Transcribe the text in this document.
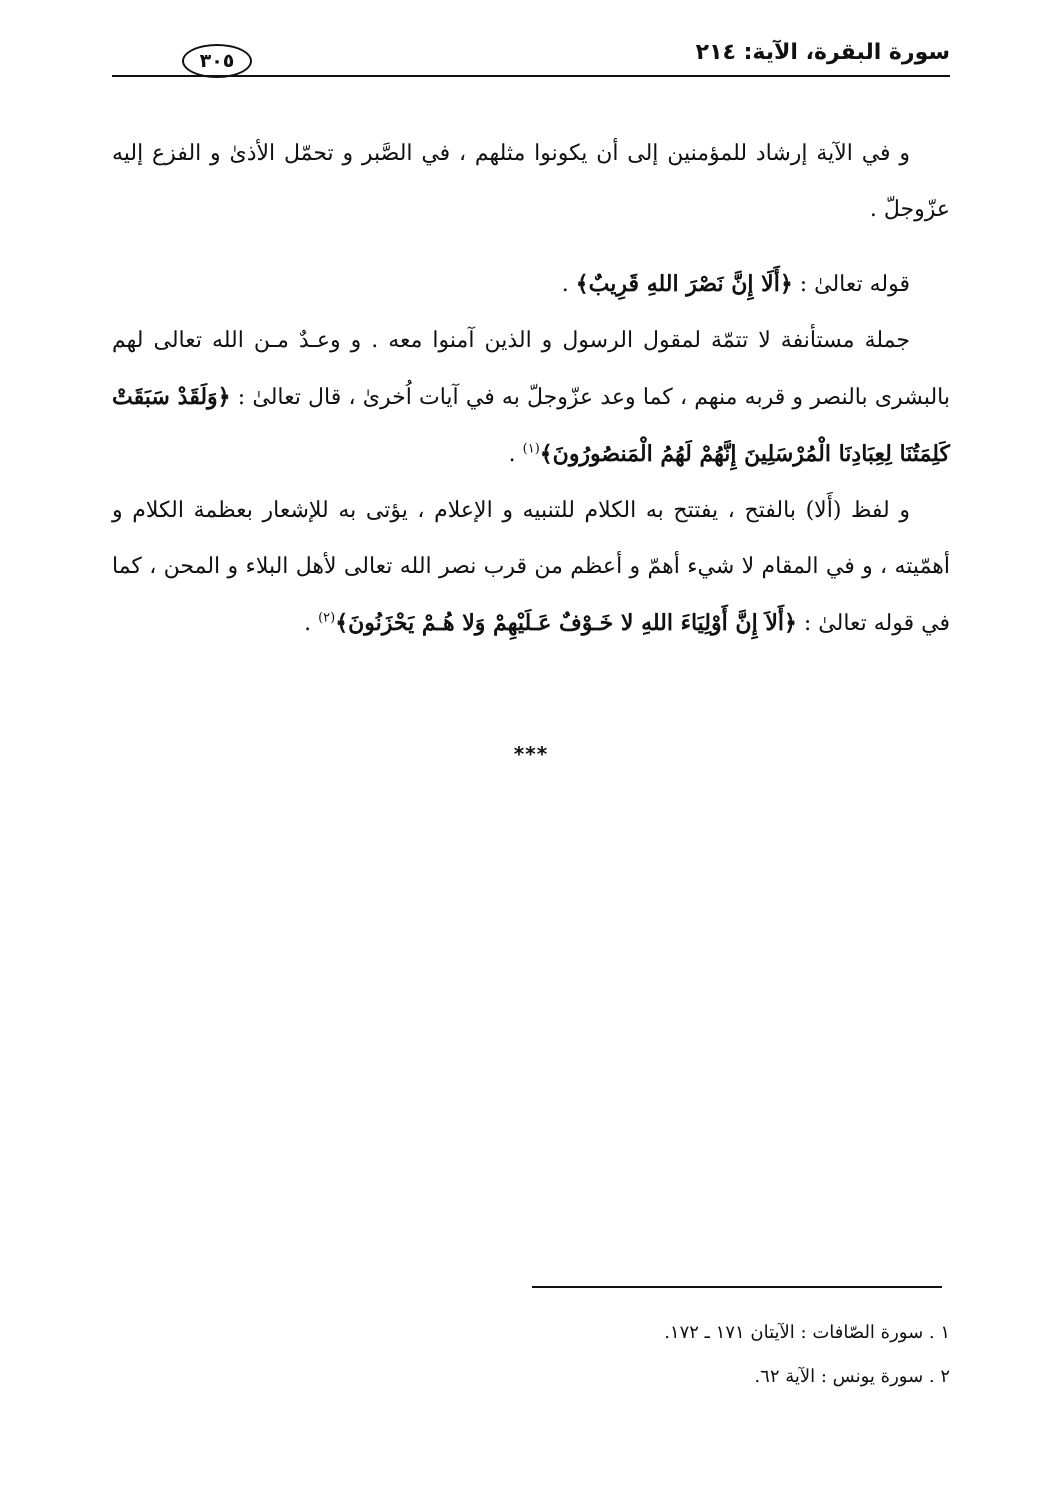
سورة البقرة، الآية: ٢١٤
٣٠٥

و في الآية إرشاد للمؤمنين إلى أن يكونوا مثلهم ، في الصَّبر و تحمّل الأذىٰ و الفزع إليه عزّوجلّ .

قوله تعالىٰ : ﴿أَلَا إِنَّ نَصْرَ اللهِ قَرِيبٌ﴾ .

جملة مستأنفة لا تتمّة لمقول الرسول و الذين آمنوا معه . و وعـدٌ مـن الله تعالى لهم بالبشرى بالنصر و قربه منهم ، كما وعد عزّوجلّ به في آيات اُخرىٰ ، قال تعالىٰ : ﴿وَلَقَدْ سَبَقَتْ كَلِمَتُنَا لِعِبَادِنَا الْمُرْسَلِينَ إِنَّهُمْ لَهُمُ الْمَنصُورُونَ﴾$^{(١)}$ .

و لفظ (أَلا) بالفتح ، يفتتح به الكلام للتنبيه و الإعلام ، يؤتى به للإشعار بعظمة الكلام و أهمّيته ، و في المقام لا شيء أهمّ و أعظم من قرب نصر الله تعالى لأهل البلاء و المحن ، كما في قوله تعالىٰ : ﴿أَلاَ إِنَّ أَوْلِيَاءَ اللهِ لا خَـوْفٌ عَـلَيْهِمْ وَلا هُـمْ يَحْزَنُونَ﴾$^{(٢)}$ .

***
١ . سورة الصّافات : الآيتان ١٧١ ـ ١٧٢.
٢ . سورة يونس : الآية ٦٢.
